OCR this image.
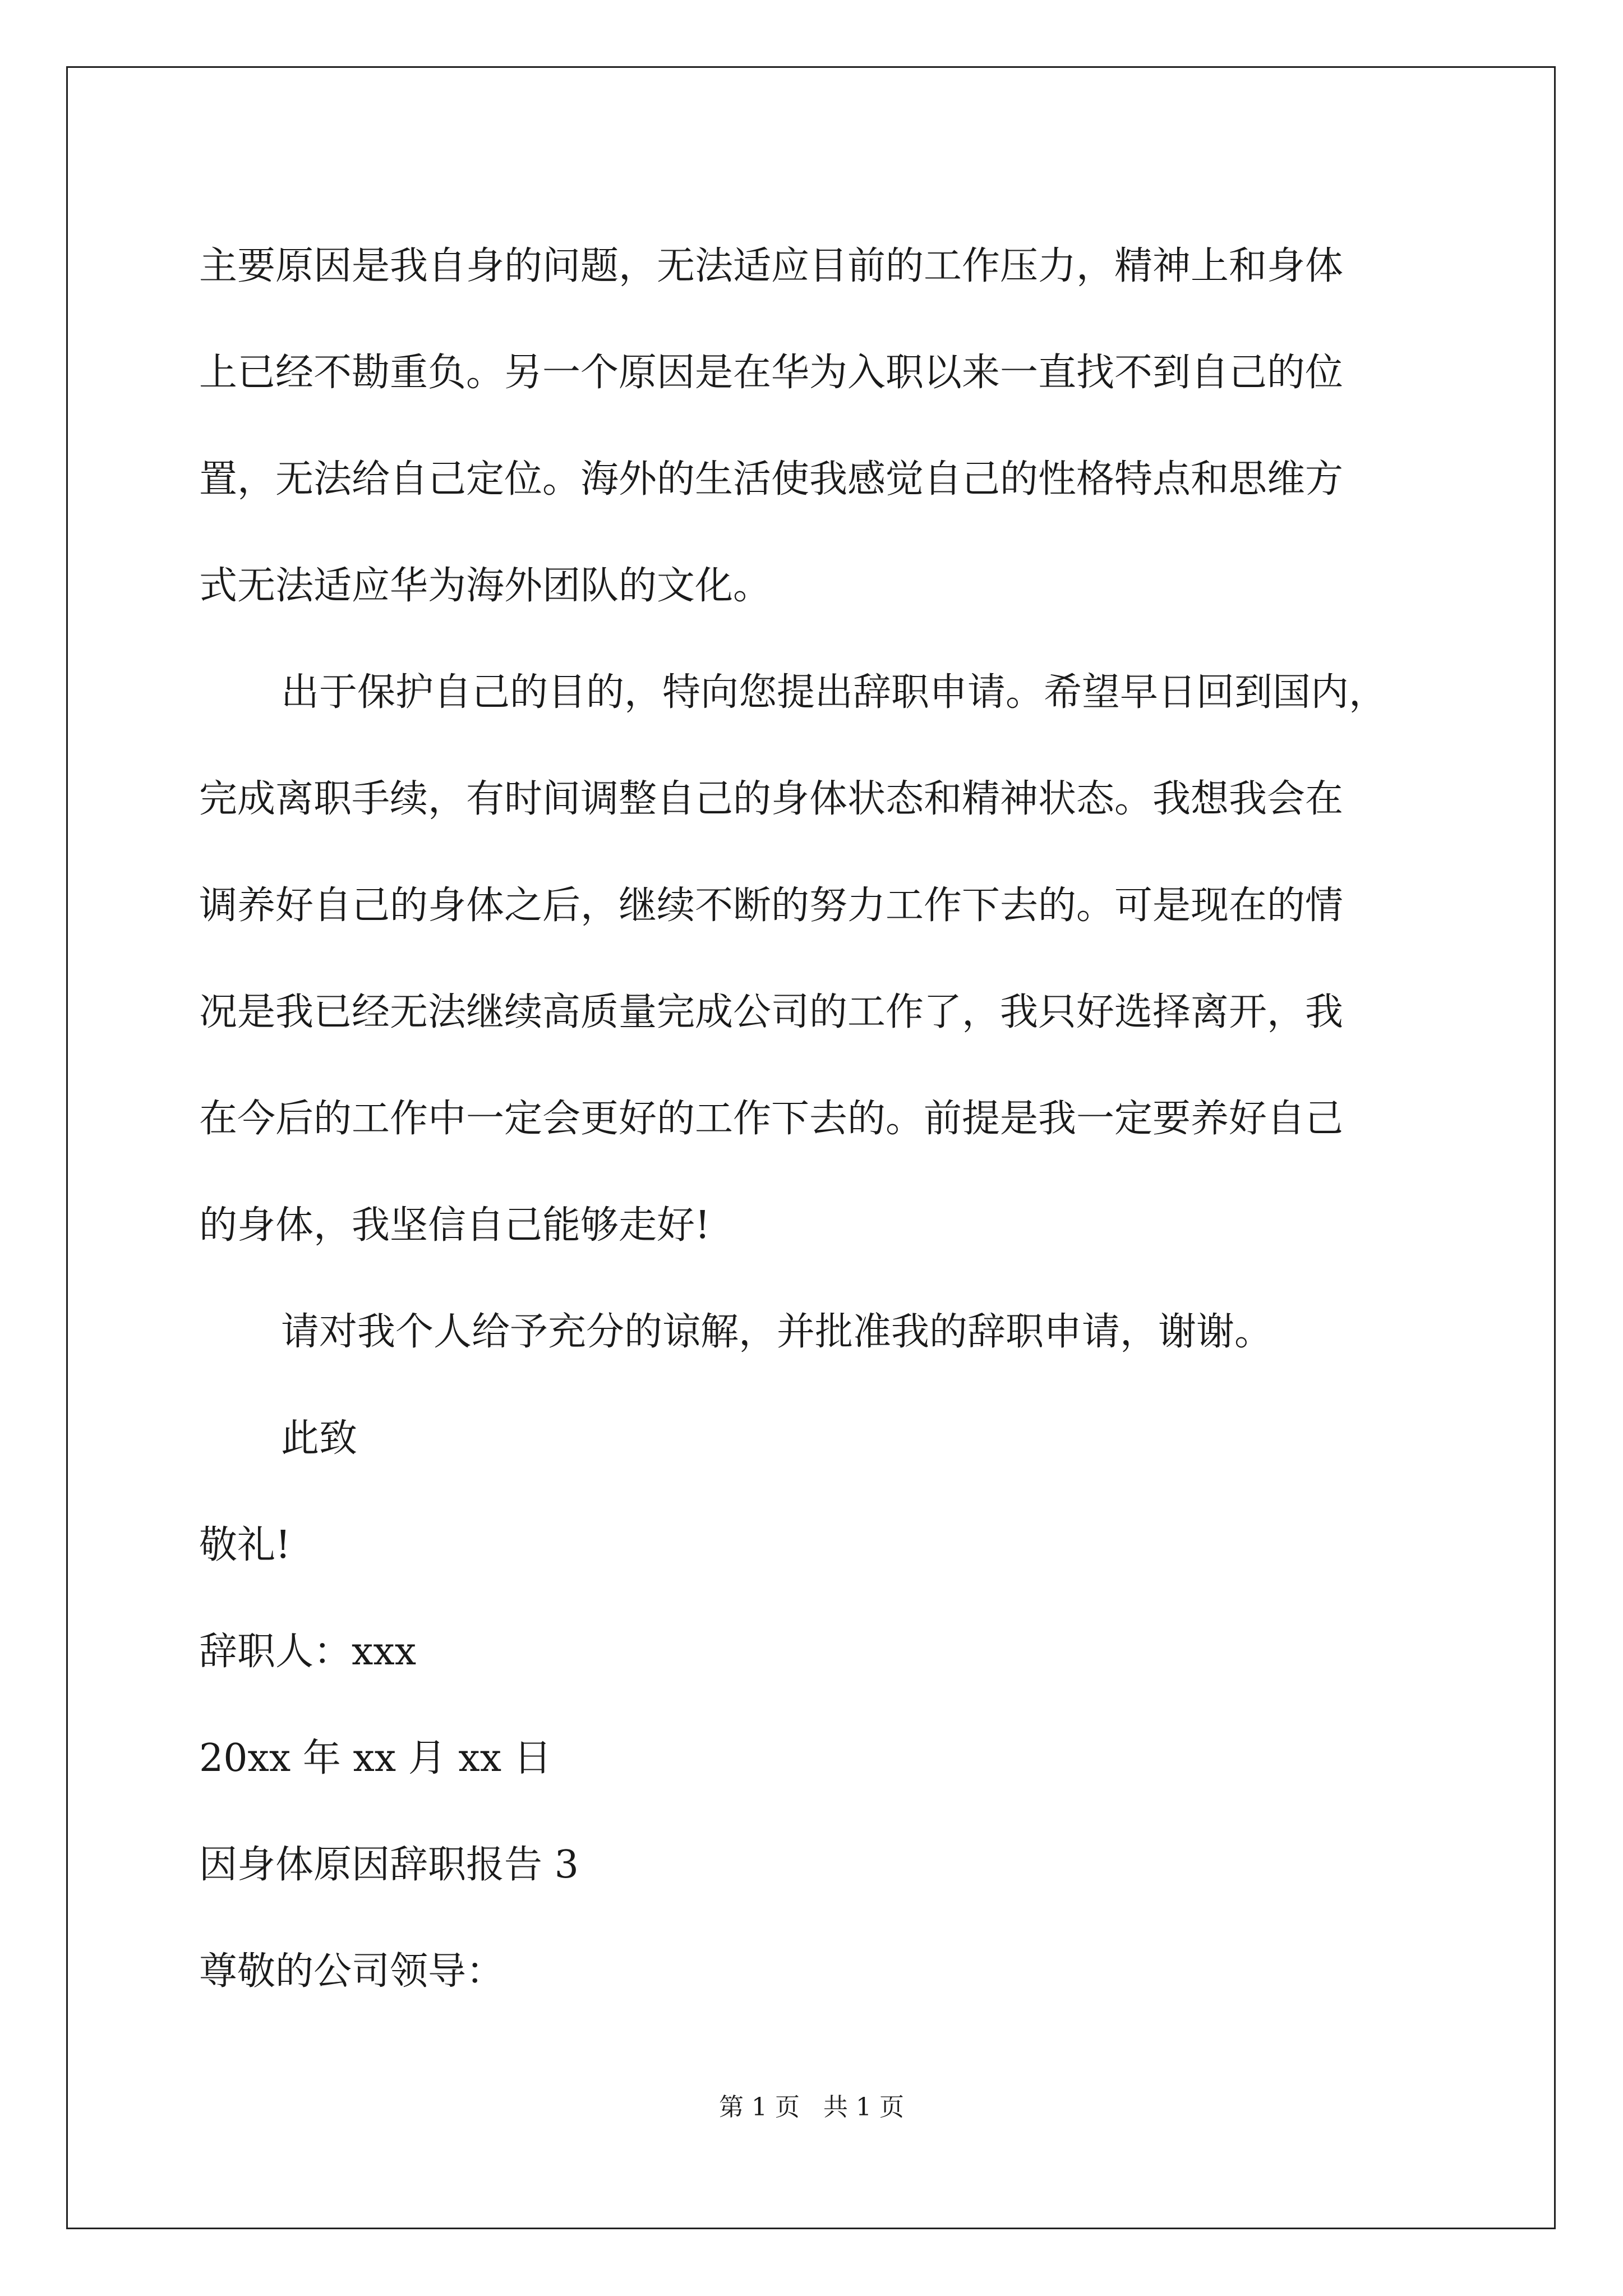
主要原因是我自身的问题，无法适应目前的工作压力，精神上和身体
上已经不勘重负。另一个原因是在华为入职以来一直找不到自己的位
置，无法给自己定位。海外的生活使我感觉自己的性格特点和思维方
式无法适应华为海外团队的文化。
出于保护自己的目的，特向您提出辞职申请。希望早日回到国内，
完成离职手续，有时间调整自己的身体状态和精神状态。我想我会在
调养好自己的身体之后，继续不断的努力工作下去的。可是现在的情
况是我已经无法继续高质量完成公司的工作了，我只好选择离开，我
在今后的工作中一定会更好的工作下去的。前提是我一定要养好自己
的身体，我坚信自己能够走好!
请对我个人给予充分的谅解，并批准我的辞职申请，谢谢。
此致
敬礼!
辞职人：xxx
20xx 年 xx 月 xx 日
因身体原因辞职报告 3
尊敬的公司领导：
第 1 页 共 1 页
